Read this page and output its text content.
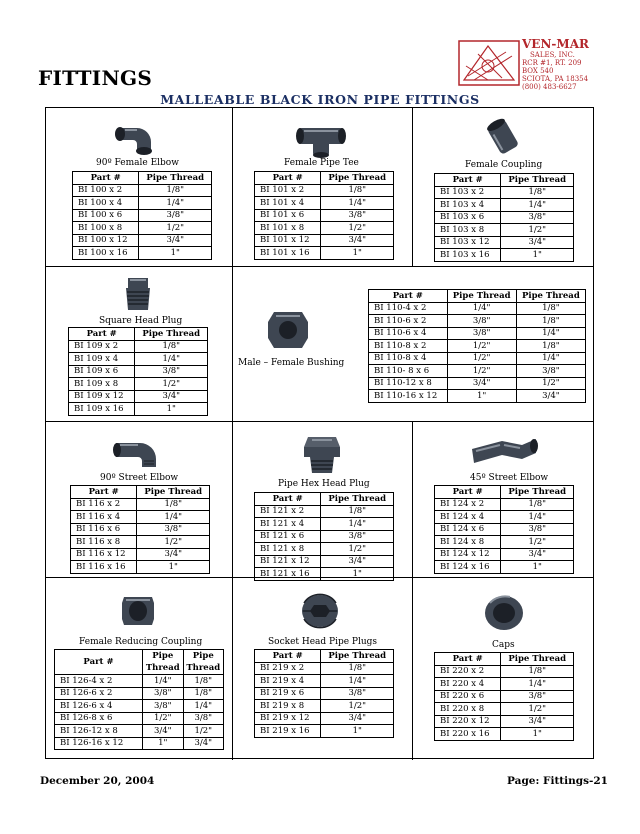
FITTINGS
MALLEABLE BLACK IRON PIPE FITTINGS
VEN-MAR
SALES, INC.
RCR #1, RT. 209
BOX 540
SCIOTA, PA 18354
(800) 483-6627
90º Female Elbow
Part #	Pipe Thread
BI 100 x 2	1/8"
BI 100 x 4	1/4"
BI 100 x 6	3/8"
BI 100 x 8	1/2"
BI 100 x 12	3/4"
BI 100 x 16	1"
Female Pipe Tee
Part #	Pipe Thread
BI 101 x 2	1/8"
BI 101 x 4	1/4"
BI 101 x 6	3/8"
BI 101 x 8	1/2"
BI 101 x 12	3/4"
BI 101 x 16	1"
Female Coupling
Part #	Pipe Thread
BI 103 x 2	1/8"
BI 103 x 4	1/4"
BI 103 x 6	3/8"
BI 103 x 8	1/2"
BI 103 x 12	3/4"
BI 103 x 16	1"
Square Head Plug
Part #	Pipe Thread
BI 109 x 2	1/8"
BI 109 x 4	1/4"
BI 109 x 6	3/8"
BI 109 x 8	1/2"
BI 109 x 12	3/4"
BI 109 x 16	1"
Male – Female Bushing
Part #	Pipe Thread	Pipe Thread
BI 110-4 x 2	1/4"	1/8"
BI 110-6 x 2	3/8"	1/8"
BI 110-6 x 4	3/8"	1/4"
BI 110-8 x 2	1/2"	1/8"
BI 110-8 x 4	1/2"	1/4"
BI 110- 8 x 6	1/2"	3/8"
BI 110-12 x 8	3/4"	1/2"
BI 110-16 x 12	1"	3/4"
90º Street Elbow
Part #	Pipe Thread
BI 116 x 2	1/8"
BI 116 x 4	1/4"
BI 116 x 6	3/8"
BI 116 x 8	1/2"
BI 116 x 12	3/4"
BI 116 x 16	1"
Pipe Hex Head Plug
Part #	Pipe Thread
BI 121 x 2	1/8"
BI 121 x 4	1/4"
BI 121 x 6	3/8"
BI 121 x 8	1/2"
BI 121 x 12	3/4"
BI 121 x 16	1"
45º Street Elbow
Part #	Pipe Thread
BI 124 x 2	1/8"
BI 124 x 4	1/4"
BI 124 x 6	3/8"
BI 124 x 8	1/2"
BI 124 x 12	3/4"
BI 124 x 16	1"
Female Reducing Coupling
Part #	Pipe	Pipe
	Thread	Thread
BI 126-4 x 2	1/4"	1/8"
BI 126-6 x 2	3/8"	1/8"
BI 126-6 x 4	3/8"	1/4"
BI 126-8 x 6	1/2"	3/8"
BI 126-12 x 8	3/4"	1/2"
BI 126-16 x 12	1"	3/4"
Socket Head Pipe Plugs
Part #	Pipe Thread
BI 219 x 2	1/8"
BI 219 x 4	1/4"
BI 219 x 6	3/8"
BI 219 x 8	1/2"
BI 219 x 12	3/4"
BI 219 x 16	1"
Caps
Part #	Pipe Thread
BI 220 x 2	1/8"
BI 220 x 4	1/4"
BI 220 x 6	3/8"
BI 220 x 8	1/2"
BI 220 x 12	3/4"
BI 220 x 16	1"
December 20, 2004	Page: Fittings-21
